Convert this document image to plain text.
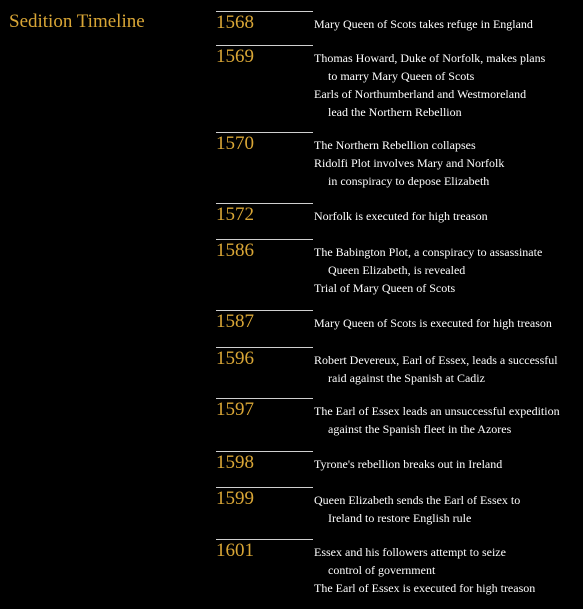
Sedition Timeline	1568	Mary Queen of Scots takes refuge in England
1569	Thomas Howard, Duke of Norfolk, makes plans
to marry Mary Queen of Scots
Earls of Northumberland and Westmoreland
lead the Northern Rebellion
1570	The Northern Rebellion collapses
Ridolfi Plot involves Mary and Norfolk
in conspiracy to depose Elizabeth
1572	Norfolk is executed for high treason
1586	The Babington Plot, a conspiracy to assassinate
Queen Elizabeth, is revealed
Trial of Mary Queen of Scots
1587	Mary Queen of Scots is executed for high treason
1596	Robert Devereux, Earl of Essex, leads a successful
raid against the Spanish at Cadiz
1597	The Earl of Essex leads an unsuccessful expedition
against the Spanish fleet in the Azores
1598	Tyrone's rebellion breaks out in Ireland
1599	Queen Elizabeth sends the Earl of Essex to
Ireland to restore English rule
1601	Essex and his followers attempt to seize
control of government
The Earl of Essex is executed for high treason
